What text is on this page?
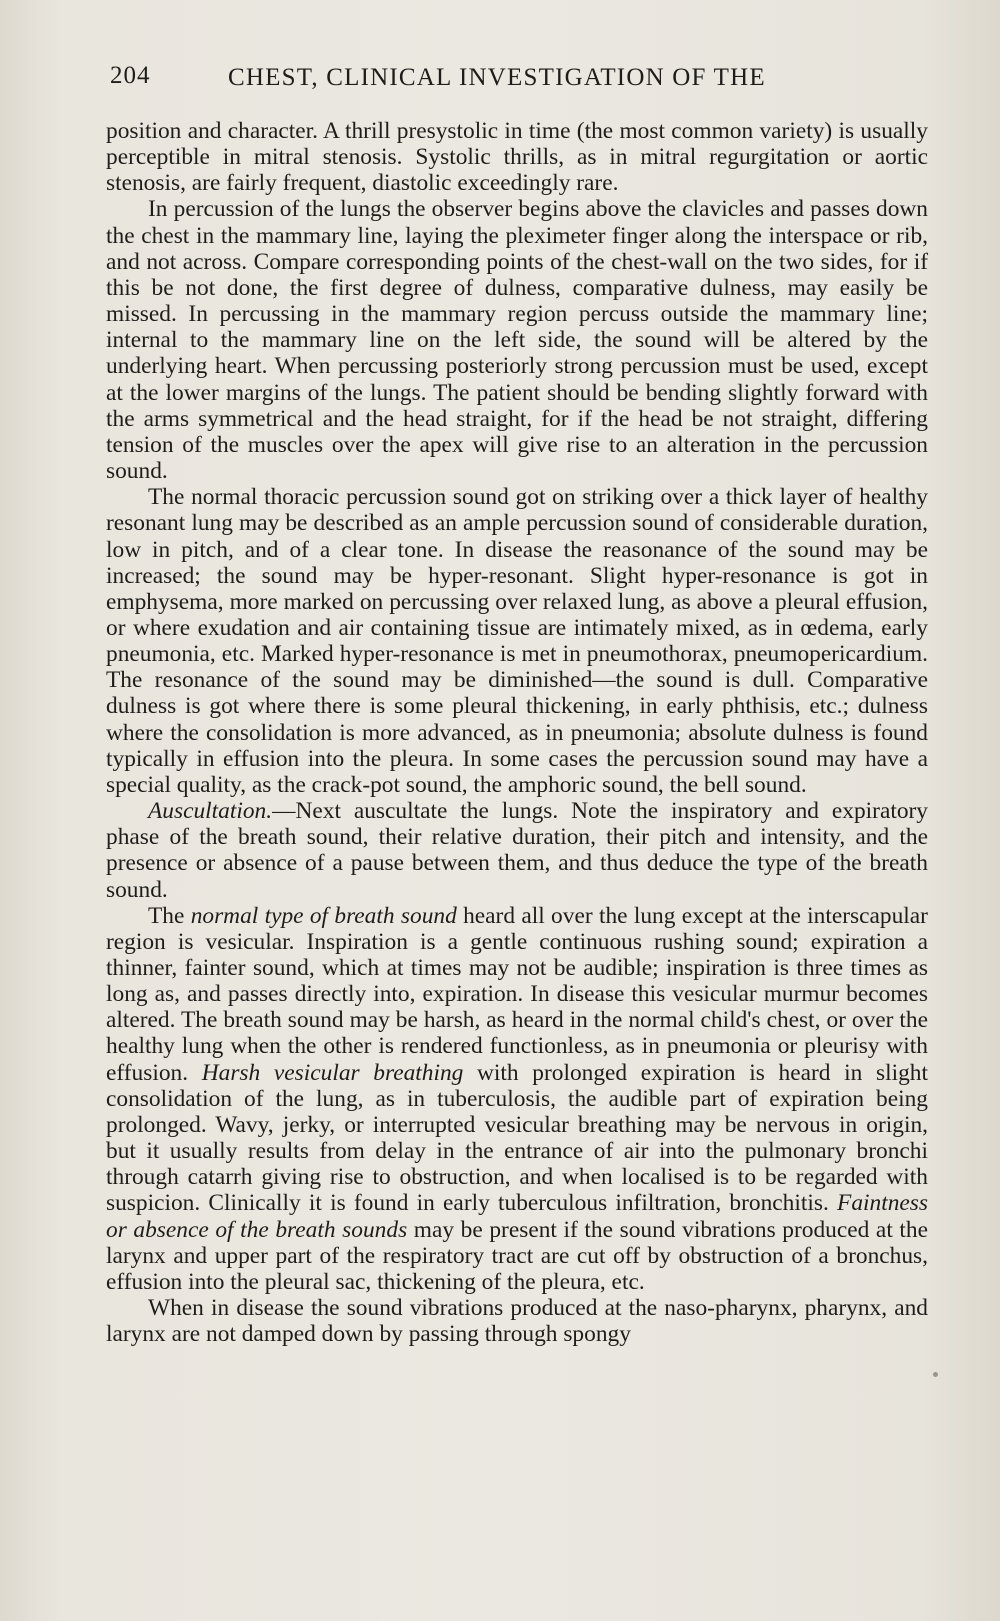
204	CHEST, CLINICAL INVESTIGATION OF THE

position and character. A thrill presystolic in time (the most common variety) is usually perceptible in mitral stenosis. Systolic thrills, as in mitral regurgitation or aortic stenosis, are fairly frequent, diastolic exceedingly rare.

In percussion of the lungs the observer begins above the clavicles and passes down the chest in the mammary line, laying the pleximeter finger along the interspace or rib, and not across. Compare corresponding points of the chest-wall on the two sides, for if this be not done, the first degree of dulness, comparative dulness, may easily be missed. In percussing in the mammary region percuss outside the mammary line; internal to the mammary line on the left side, the sound will be altered by the underlying heart. When percussing posteriorly strong percussion must be used, except at the lower margins of the lungs. The patient should be bending slightly forward with the arms symmetrical and the head straight, for if the head be not straight, differing tension of the muscles over the apex will give rise to an alteration in the percussion sound.

The normal thoracic percussion sound got on striking over a thick layer of healthy resonant lung may be described as an ample percussion sound of considerable duration, low in pitch, and of a clear tone. In disease the reasonance of the sound may be increased; the sound may be hyper-resonant. Slight hyper-resonance is got in emphysema, more marked on percussing over relaxed lung, as above a pleural effusion, or where exudation and air containing tissue are intimately mixed, as in œdema, early pneumonia, etc. Marked hyper-resonance is met in pneumothorax, pneumopericardium. The resonance of the sound may be diminished—the sound is dull. Comparative dulness is got where there is some pleural thickening, in early phthisis, etc.; dulness where the consolidation is more advanced, as in pneumonia; absolute dulness is found typically in effusion into the pleura. In some cases the percussion sound may have a special quality, as the crack-pot sound, the amphoric sound, the bell sound.

Auscultation.—Next auscultate the lungs. Note the inspiratory and expiratory phase of the breath sound, their relative duration, their pitch and intensity, and the presence or absence of a pause between them, and thus deduce the type of the breath sound.

The normal type of breath sound heard all over the lung except at the interscapular region is vesicular. Inspiration is a gentle continuous rushing sound; expiration a thinner, fainter sound, which at times may not be audible; inspiration is three times as long as, and passes directly into, expiration. In disease this vesicular murmur becomes altered. The breath sound may be harsh, as heard in the normal child's chest, or over the healthy lung when the other is rendered functionless, as in pneumonia or pleurisy with effusion. Harsh vesicular breathing with prolonged expiration is heard in slight consolidation of the lung, as in tuberculosis, the audible part of expiration being prolonged. Wavy, jerky, or interrupted vesicular breathing may be nervous in origin, but it usually results from delay in the entrance of air into the pulmonary bronchi through catarrh giving rise to obstruction, and when localised is to be regarded with suspicion. Clinically it is found in early tuberculous infiltration, bronchitis. Faintness or absence of the breath sounds may be present if the sound vibrations produced at the larynx and upper part of the respiratory tract are cut off by obstruction of a bronchus, effusion into the pleural sac, thickening of the pleura, etc.

When in disease the sound vibrations produced at the naso-pharynx, pharynx, and larynx are not damped down by passing through spongy
